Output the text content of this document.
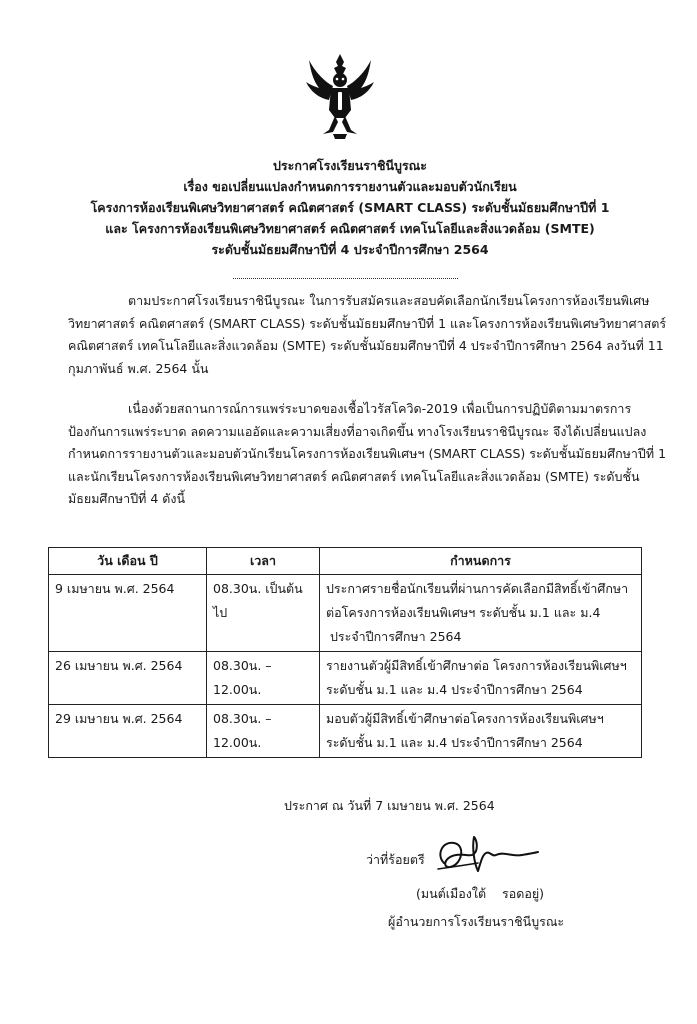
ประกาศโรงเรียนราชินีบูรณะ
เรื่อง ขอเปลี่ยนแปลงกำหนดการรายงานตัวและมอบตัวนักเรียน
โครงการห้องเรียนพิเศษวิทยาศาสตร์ คณิตศาสตร์ (SMART CLASS) ระดับชั้นมัธยมศึกษาปีที่ 1
และ โครงการห้องเรียนพิเศษวิทยาศาสตร์ คณิตศาสตร์ เทคโนโลยีและสิ่งแวดล้อม (SMTE)
ระดับชั้นมัธยมศึกษาปีที่ 4 ประจำปีการศึกษา 2564
ตามประกาศโรงเรียนราชินีบูรณะ ในการรับสมัครและสอบคัดเลือกนักเรียนโครงการห้องเรียนพิเศษ
วิทยาศาสตร์ คณิตศาสตร์ (SMART CLASS) ระดับชั้นมัธยมศึกษาปีที่ 1 และโครงการห้องเรียนพิเศษวิทยาศาสตร์
คณิตศาสตร์ เทคโนโลยีและสิ่งแวดล้อม (SMTE) ระดับชั้นมัธยมศึกษาปีที่ 4 ประจำปีการศึกษา 2564 ลงวันที่ 11
กุมภาพันธ์ พ.ศ. 2564 นั้น
เนื่องด้วยสถานการณ์การแพร่ระบาดของเชื้อไวรัสโควิด-2019 เพื่อเป็นการปฏิบัติตามมาตรการ
ป้องกันการแพร่ระบาด ลดความแออัดและความเสี่ยงที่อาจเกิดขึ้น ทางโรงเรียนราชินีบูรณะ จึงได้เปลี่ยนแปลง
กำหนดการรายงานตัวและมอบตัวนักเรียนโครงการห้องเรียนพิเศษฯ (SMART CLASS) ระดับชั้นมัธยมศึกษาปีที่ 1
และนักเรียนโครงการห้องเรียนพิเศษวิทยาศาสตร์ คณิตศาสตร์ เทคโนโลยีและสิ่งแวดล้อม (SMTE) ระดับชั้น
มัธยมศึกษาปีที่ 4 ดังนี้
วัน เดือน ปี	เวลา	กำหนดการ
9 เมษายน พ.ศ. 2564	08.30น. เป็นต้นไป	ประกาศรายชื่อนักเรียนที่ผ่านการคัดเลือกมีสิทธิ์เข้าศึกษา
ต่อโครงการห้องเรียนพิเศษฯ ระดับชั้น ม.1 และ ม.4
ประจำปีการศึกษา 2564

26 เมษายน พ.ศ. 2564	08.30น. – 12.00น.	รายงานตัวผู้มีสิทธิ์เข้าศึกษาต่อ โครงการห้องเรียนพิเศษฯ
ระดับชั้น ม.1 และ ม.4 ประจำปีการศึกษา 2564

29 เมษายน พ.ศ. 2564	08.30น. – 12.00น.	มอบตัวผู้มีสิทธิ์เข้าศึกษาต่อโครงการห้องเรียนพิเศษฯ
ระดับชั้น ม.1 และ ม.4 ประจำปีการศึกษา 2564
ประกาศ ณ วันที่ 7 เมษายน พ.ศ. 2564
ว่าที่ร้อยตรี
(มนต์เมืองใต้    รอดอยู่)
ผู้อำนวยการโรงเรียนราชินีบูรณะ
